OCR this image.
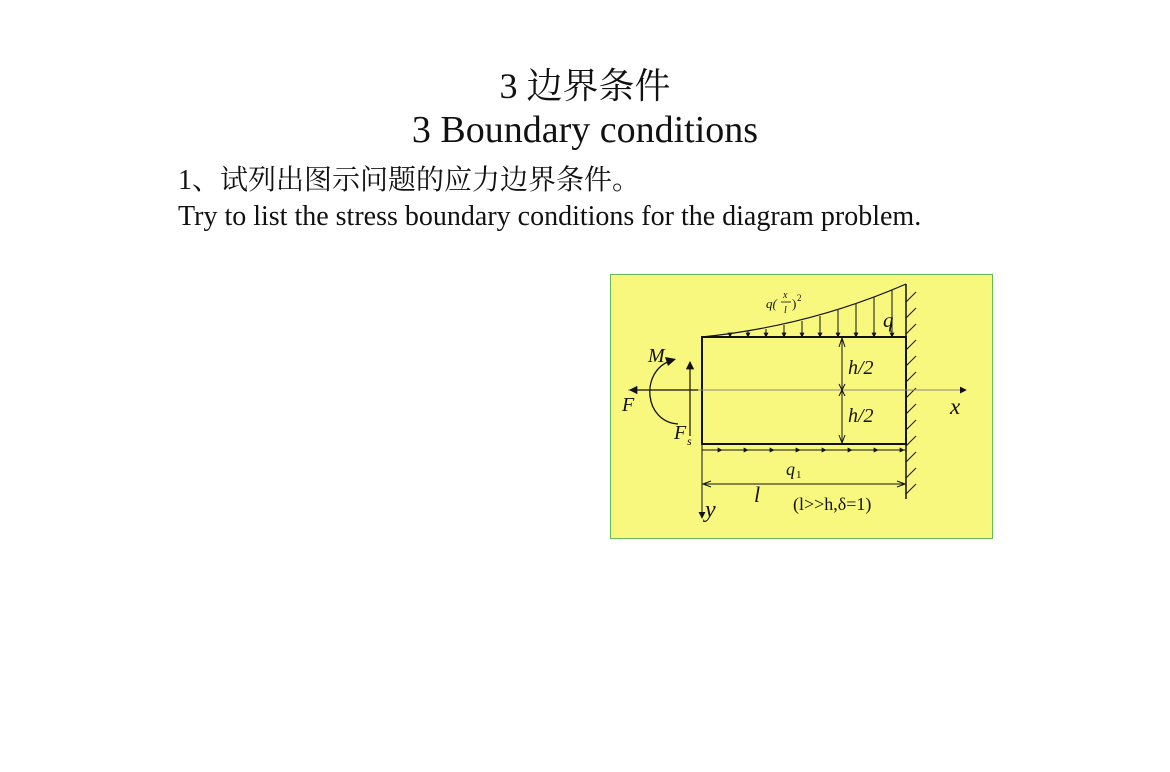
3 边界条件
3 Boundary conditions
1、试列出图示问题的应力边界条件。
Try to list the stress boundary conditions for the diagram problem.
q(
x
l ) 2
q
M
F
F s
h/2
h/2	x
y
q 1
l (l>>h,δ=1)
